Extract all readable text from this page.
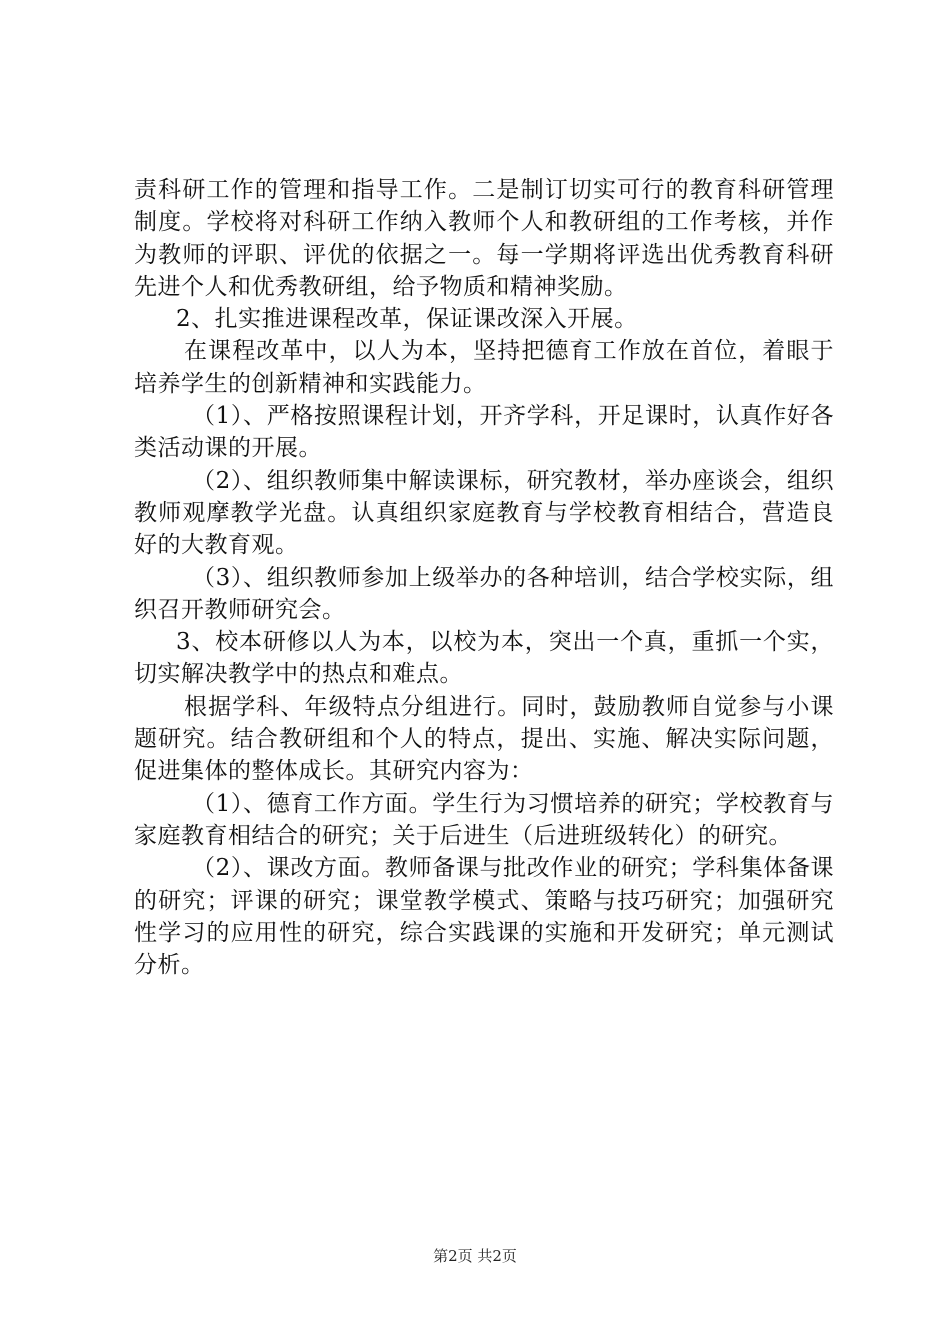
责科研工作的管理和指导工作。二是制订切实可行的教育科研管理制度。学校将对科研工作纳入教师个人和教研组的工作考核，并作为教师的评职、评优的依据之一。每一学期将评选出优秀教育科研先进个人和优秀教研组，给予物质和精神奖励。

2、扎实推进课程改革，保证课改深入开展。

在课程改革中，以人为本，坚持把德育工作放在首位，着眼于培养学生的创新精神和实践能力。

（1）、严格按照课程计划，开齐学科，开足课时，认真作好各类活动课的开展。

（2）、组织教师集中解读课标，研究教材，举办座谈会，组织教师观摩教学光盘。认真组织家庭教育与学校教育相结合，营造良好的大教育观。

（3）、组织教师参加上级举办的各种培训，结合学校实际，组织召开教师研究会。

3、校本研修以人为本，以校为本，突出一个真，重抓一个实，切实解决教学中的热点和难点。

根据学科、年级特点分组进行。同时，鼓励教师自觉参与小课题研究。结合教研组和个人的特点，提出、实施、解决实际问题，促进集体的整体成长。其研究内容为：

（1）、德育工作方面。学生行为习惯培养的研究；学校教育与家庭教育相结合的研究；关于后进生（后进班级转化）的研究。

（2）、课改方面。教师备课与批改作业的研究；学科集体备课的研究；评课的研究；课堂教学模式、策略与技巧研究；加强研究性学习的应用性的研究，综合实践课的实施和开发研究；单元测试分析。

第2页 共2页
